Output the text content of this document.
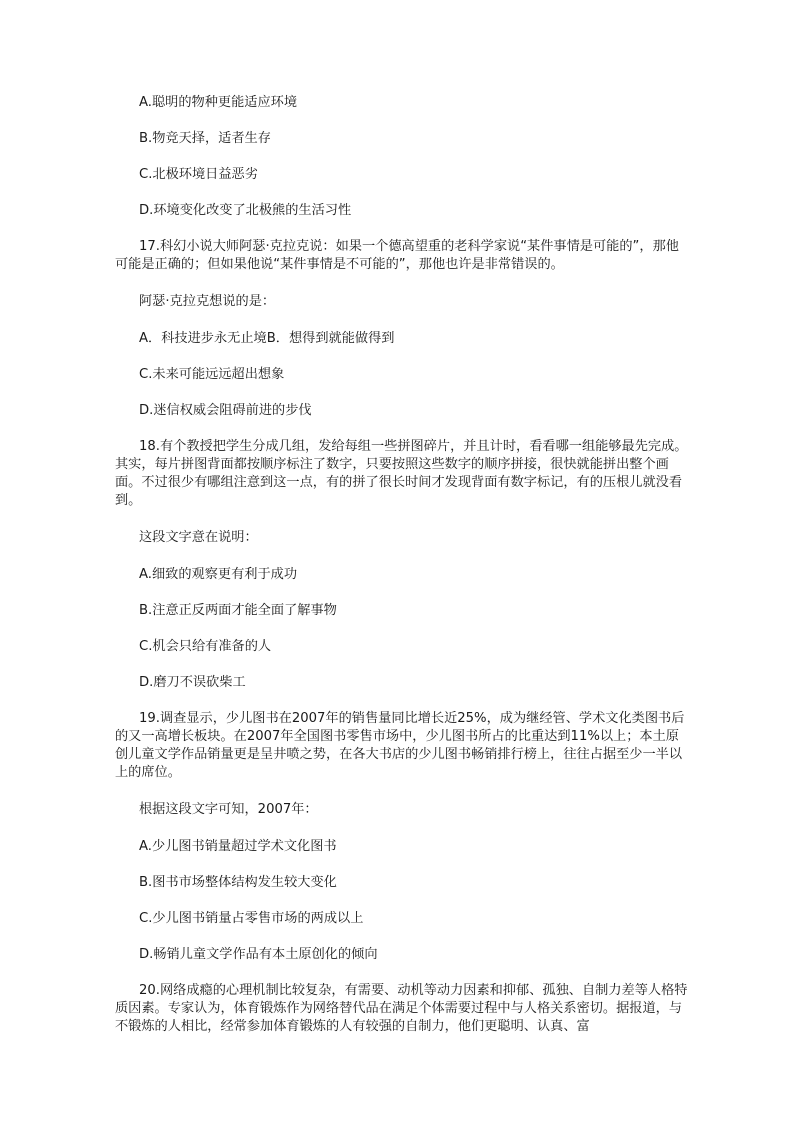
A.聪明的物种更能适应环境

B.物竞天择，适者生存

C.北极环境日益恶劣

D.环境变化改变了北极熊的生活习性

17.科幻小说大师阿瑟·克拉克说：如果一个德高望重的老科学家说“某件事情是可能的”，那他可能是正确的；但如果他说“某件事情是不可能的”，那他也许是非常错误的。

阿瑟·克拉克想说的是：

A．科技进步永无止境B．想得到就能做得到

C.未来可能远远超出想象

D.迷信权威会阻碍前进的步伐

18.有个教授把学生分成几组，发给每组一些拼图碎片，并且计时，看看哪一组能够最先完成。其实，每片拼图背面都按顺序标注了数字，只要按照这些数字的顺序拼接，很快就能拼出整个画面。不过很少有哪组注意到这一点，有的拼了很长时间才发现背面有数字标记，有的压根儿就没看到。

这段文字意在说明：

A.细致的观察更有利于成功

B.注意正反两面才能全面了解事物

C.机会只给有准备的人

D.磨刀不误砍柴工

19.调查显示，少儿图书在2007年的销售量同比增长近25%，成为继经管、学术文化类图书后的又一高增长板块。在2007年全国图书零售市场中，少儿图书所占的比重达到11%以上；本土原创儿童文学作品销量更是呈井喷之势，在各大书店的少儿图书畅销排行榜上，往往占据至少一半以上的席位。

根据这段文字可知，2007年：

A.少儿图书销量超过学术文化图书

B.图书市场整体结构发生较大变化

C.少儿图书销量占零售市场的两成以上

D.畅销儿童文学作品有本土原创化的倾向

20.网络成瘾的心理机制比较复杂，有需要、动机等动力因素和抑郁、孤独、自制力差等人格特质因素。专家认为，体育锻炼作为网络替代品在满足个体需要过程中与人格关系密切。据报道，与不锻炼的人相比，经常参加体育锻炼的人有较强的自制力，他们更聪明、认真、富
